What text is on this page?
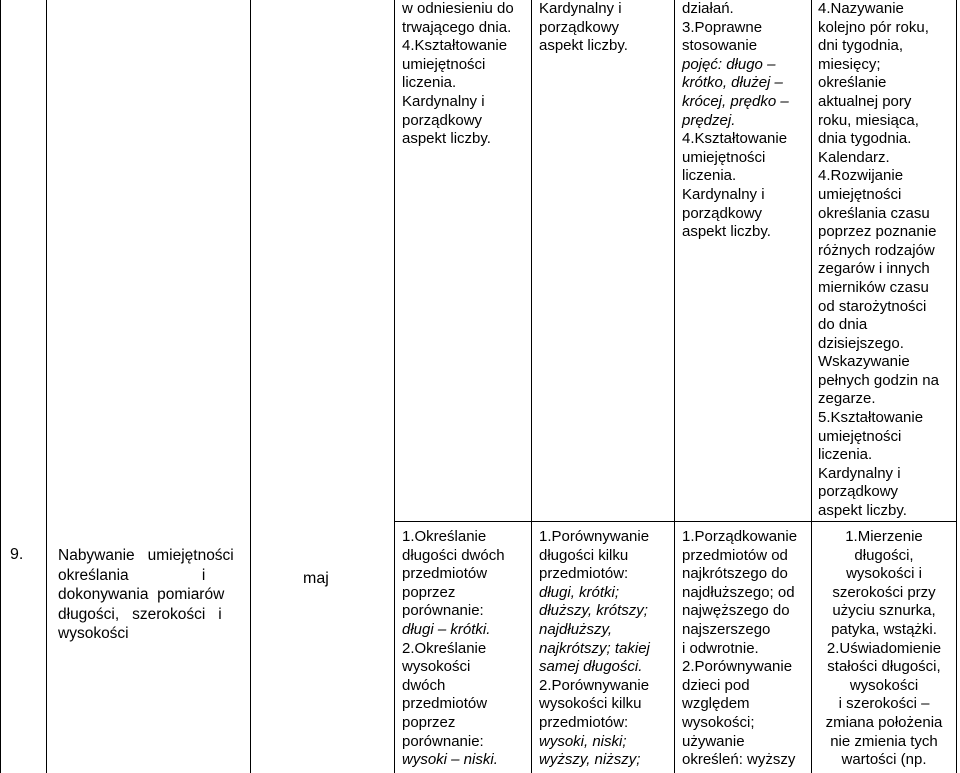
9. Nabywanie   umiejętności
określania                 i
dokonywania  pomiarów
długości,   szerokości   i
wysokości
maj
w odniesieniu do
trwającego dnia.
4.Kształtowanie
umiejętności
liczenia.
Kardynalny i
porządkowy
aspekt liczby.
1.Określanie
długości dwóch
przedmiotów
poprzez
porównanie:
długi – krótki.
2.Określanie
wysokości
dwóch
przedmiotów
poprzez
porównanie:
wysoki – niski.
Kardynalny i
porządkowy
aspekt liczby.
1.Porównywanie
długości kilku
przedmiotów:
długi, krótki;
dłuższy, krótszy;
najdłuższy,
najkrótszy; takiej
samej długości.
2.Porównywanie
wysokości kilku
przedmiotów:
wysoki, niski;
wyższy, niższy;
działań.
3.Poprawne
stosowanie
pojęć: długo –
krótko, dłużej –
krócej, prędko –
prędzej.
4.Kształtowanie
umiejętności
liczenia.
Kardynalny i
porządkowy
aspekt liczby.
1.Porządkowanie
przedmiotów od
najkrótszego do
najdłuższego; od
najwęższego do
najszerszego
i odwrotnie.
2.Porównywanie
dzieci pod
względem
wysokości;
używanie
określeń: wyższy
4.Nazywanie
kolejno pór roku,
dni tygodnia,
miesięcy;
określanie
aktualnej pory
roku, miesiąca,
dnia tygodnia.
Kalendarz.
4.Rozwijanie
umiejętności
określania czasu
poprzez poznanie
różnych rodzajów
zegarów i innych
mierników czasu
od starożytności
do dnia
dzisiejszego.
Wskazywanie
pełnych godzin na
zegarze.
5.Kształtowanie
umiejętności
liczenia.
Kardynalny i
porządkowy
aspekt liczby.
1.Mierzenie
długości,
wysokości i
szerokości przy
użyciu sznurka,
patyka, wstążki.
2.Uświadomienie
stałości długości,
wysokości
i szerokości –
zmiana położenia
nie zmienia tych
wartości (np.
